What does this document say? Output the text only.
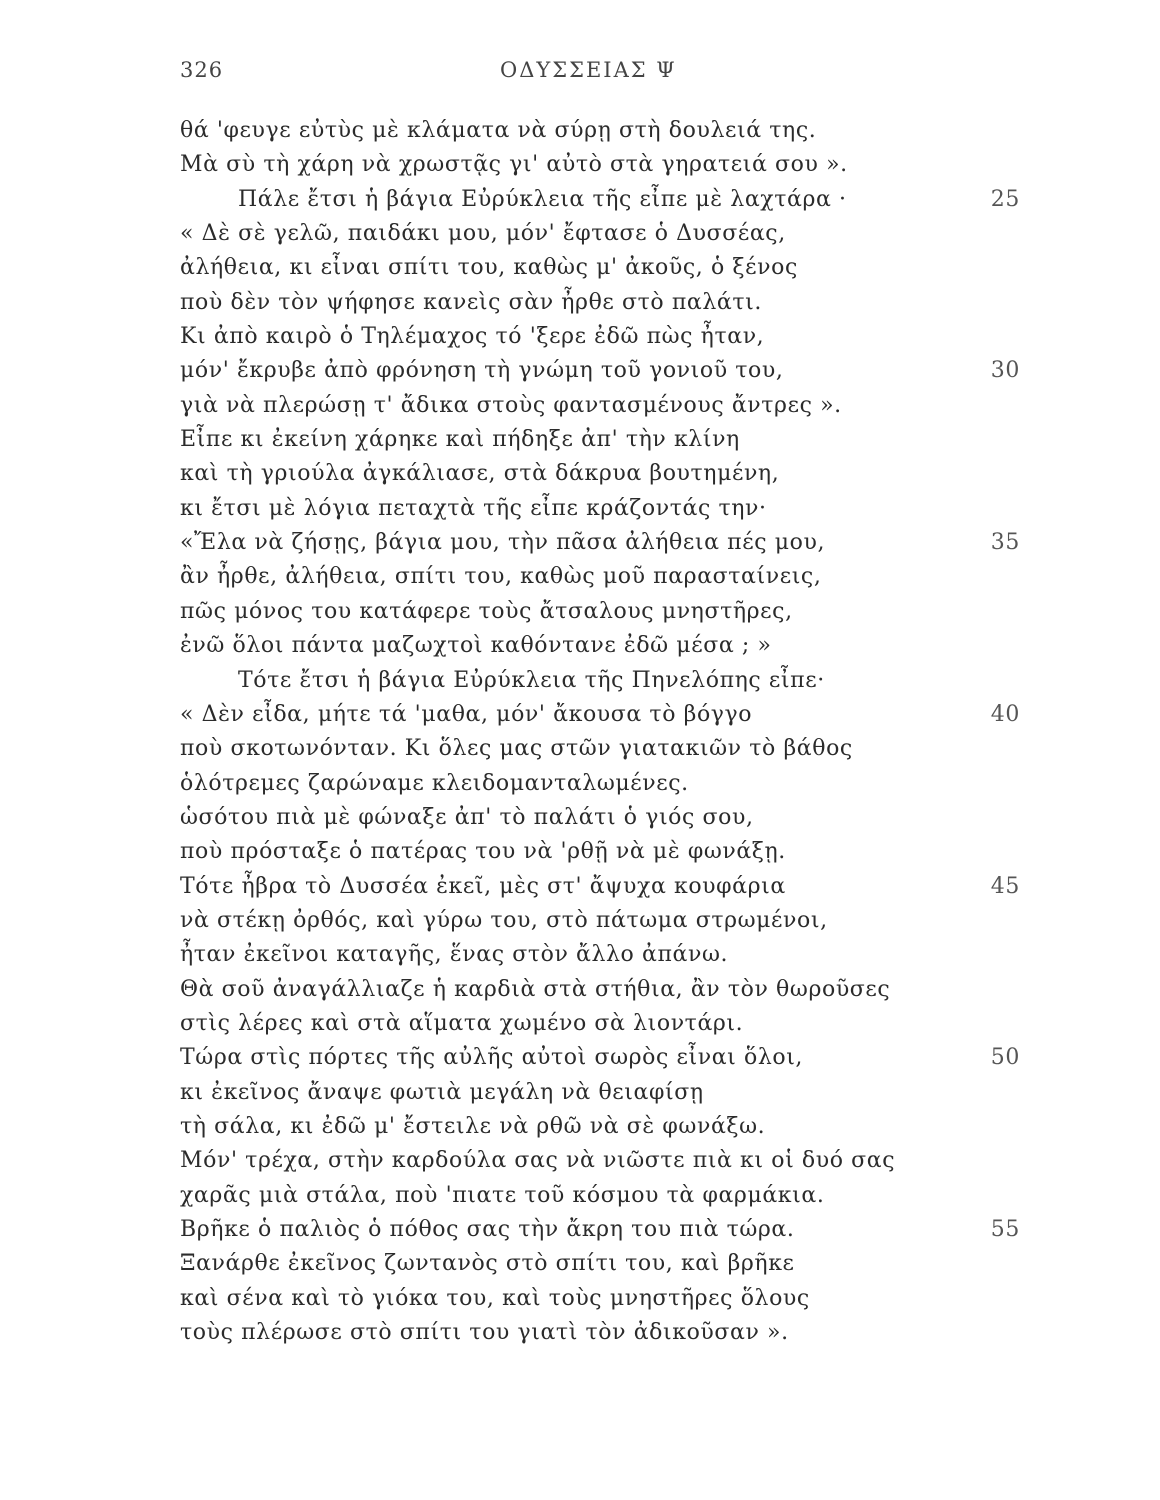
326	ΟΔΥΣΣΕΙΑΣ Ψ
θά 'φευγε εὐτὺς μὲ κλάματα νὰ σύρῃ στὴ δουλειά της.
Μὰ σὺ τὴ χάρη νὰ χρωστᾷς γι' αὐτὸ στὰ γηρατειά σου ».
Πάλε ἔτσι ἡ βάγια Εὐρύκλεια τῆς εἶπε μὲ λαχτάρα ·	25
« Δὲ σὲ γελῶ, παιδάκι μου, μόν' ἔφτασε ὁ Δυσσέας,
ἀλήθεια, κι εἶναι σπίτι του, καθὼς μ' ἀκοῦς, ὁ ξένος
ποὺ δὲν τὸν ψήφησε κανεὶς σὰν ἦρθε στὸ παλάτι.
Κι ἀπὸ καιρὸ ὁ Τηλέμαχος τό 'ξερε ἐδῶ πὼς ἦταν,
μόν' ἔκρυβε ἀπὸ φρόνηση τὴ γνώμη τοῦ γονιοῦ του,	30
γιὰ νὰ πλερώσῃ τ' ἄδικα στοὺς φαντασμένους ἄντρες ».
Εἶπε κι ἐκείνη χάρηκε καὶ πήδηξε ἀπ' τὴν κλίνη
καὶ τὴ γριούλα ἀγκάλιασε, στὰ δάκρυα βουτημένη,
κι ἔτσι μὲ λόγια πεταχτὰ τῆς εἶπε κράζοντάς την·
«Ἔλα νὰ ζήσῃς, βάγια μου, τὴν πᾶσα ἀλήθεια πές μου,	35
ἂν ἦρθε, ἀλήθεια, σπίτι του, καθὼς μοῦ παρασταίνεις,
πῶς μόνος του κατάφερε τοὺς ἄτσαλους μνηστῆρες,
ἐνῶ ὅλοι πάντα μαζωχτοὶ καθόντανε ἐδῶ μέσα ; »
Τότε ἔτσι ἡ βάγια Εὐρύκλεια τῆς Πηνελόπης εἶπε·
« Δὲν εἶδα, μήτε τά 'μαθα, μόν' ἄκουσα τὸ βόγγο	40
ποὺ σκοτωνόνταν. Κι ὅλες μας στῶν γιατακιῶν τὸ βάθος
ὁλότρεμες ζαρώναμε κλειδομανταλωμένες.
ὡσότου πιὰ μὲ φώναξε ἀπ' τὸ παλάτι ὁ γιός σου,
ποὺ πρόσταξε ὁ πατέρας του νὰ 'ρθῇ νὰ μὲ φωνάξῃ.
Τότε ἦβρα τὸ Δυσσέα ἐκεῖ, μὲς στ' ἄψυχα κουφάρια	45
νὰ στέκῃ ὀρθός, καὶ γύρω του, στὸ πάτωμα στρωμένοι,
ἦταν ἐκεῖνοι καταγῆς, ἕνας στὸν ἄλλο ἀπάνω.
Θὰ σοῦ ἀναγάλλιαζε ἡ καρδιὰ στὰ στήθια, ἂν τὸν θωροῦσες
στὶς λέρες καὶ στὰ αἵματα χωμένο σὰ λιοντάρι.
Τώρα στὶς πόρτες τῆς αὐλῆς αὐτοὶ σωρὸς εἶναι ὅλοι,	50
κι ἐκεῖνος ἄναψε φωτιὰ μεγάλη νὰ θειαφίσῃ
τὴ σάλα, κι ἐδῶ μ' ἔστειλε νὰ ρθῶ νὰ σὲ φωνάξω.
Μόν' τρέχα, στὴν καρδούλα σας νὰ νιῶστε πιὰ κι οἱ δυό σας
χαρᾶς μιὰ στάλα, ποὺ 'πιατε τοῦ κόσμου τὰ φαρμάκια.
Βρῆκε ὁ παλιὸς ὁ πόθος σας τὴν ἄκρη του πιὰ τώρα.	55
Ξανάρθε ἐκεῖνος ζωντανὸς στὸ σπίτι του, καὶ βρῆκε
καὶ σένα καὶ τὸ γιόκα του, καὶ τοὺς μνηστῆρες ὅλους
τοὺς πλέρωσε στὸ σπίτι του γιατὶ τὸν ἀδικοῦσαν ».
